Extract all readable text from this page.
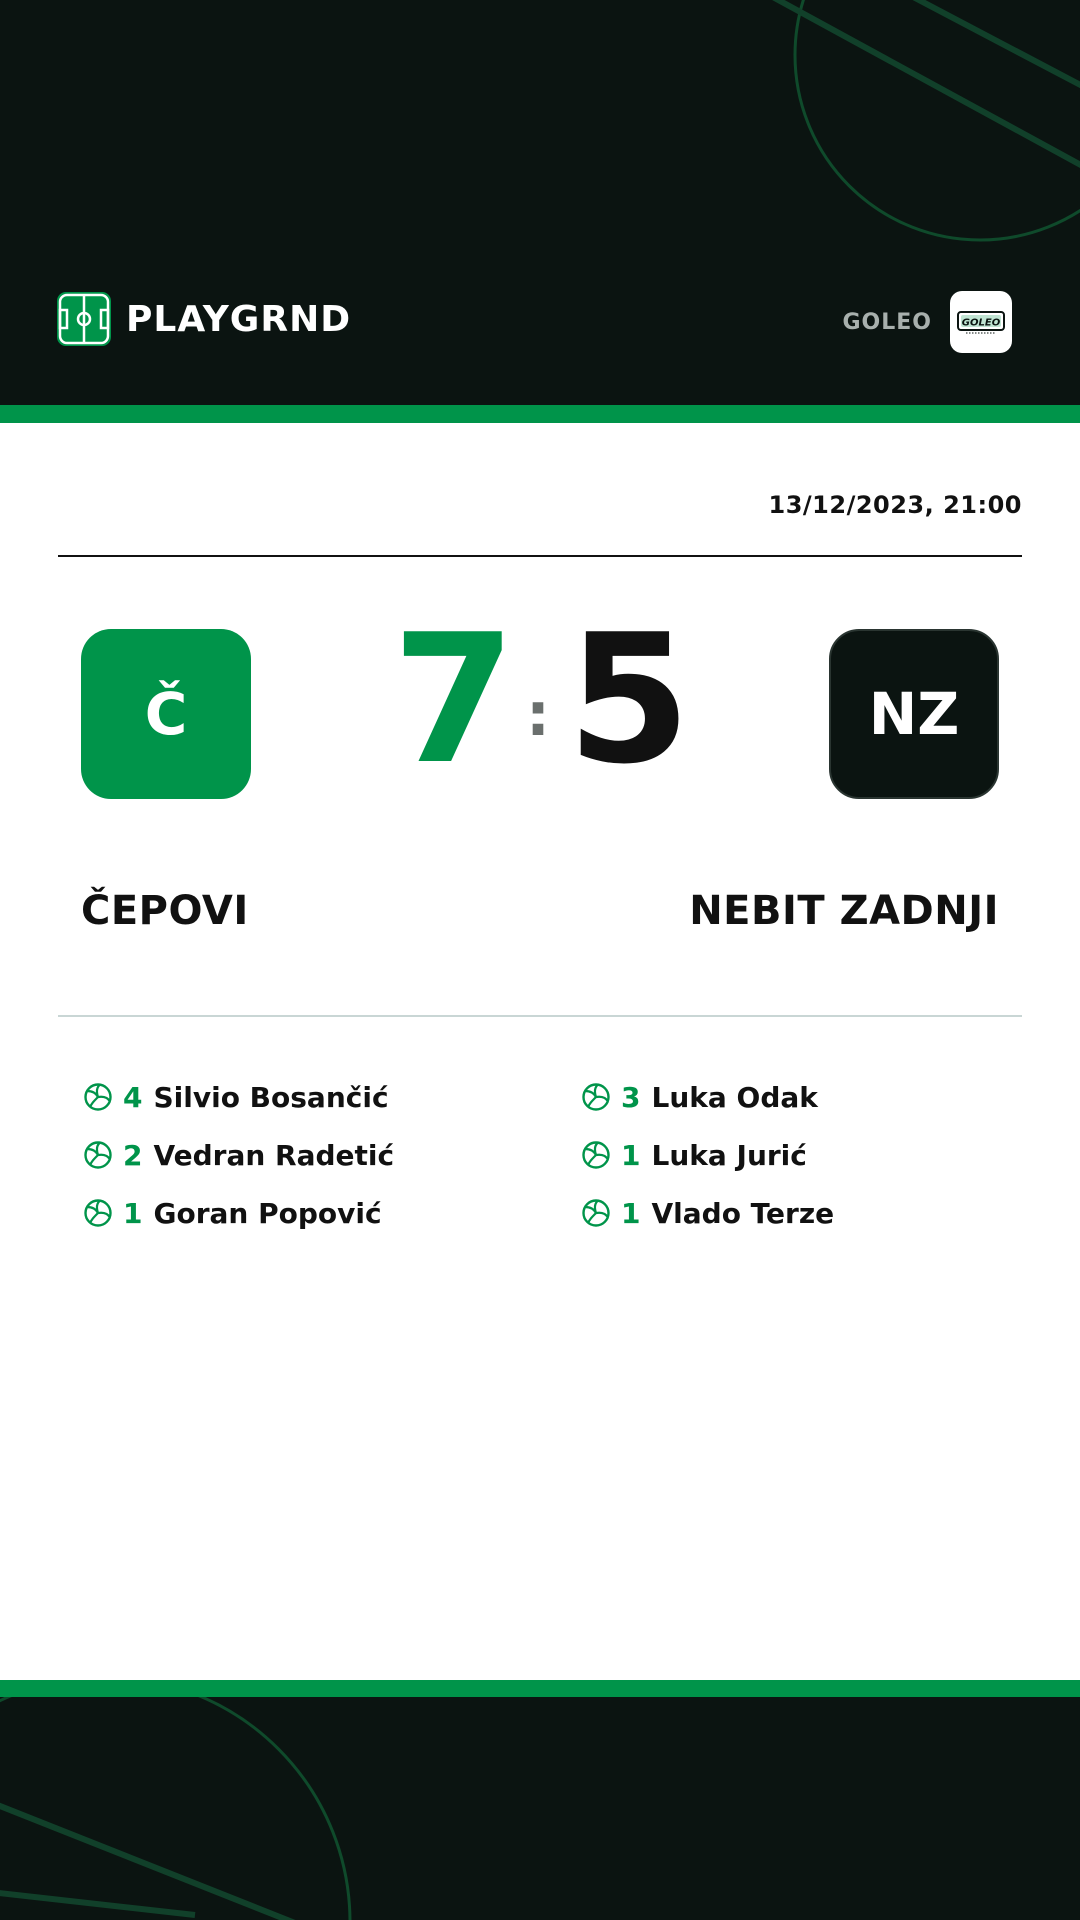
PLAYGRND	GOLEO	GOLEO
13/12/2023, 21:00
Č	7 : 5	NZ
ČEPOVI	NEBIT ZADNJI
4 Silvio Bosančić
2 Vedran Radetić
1 Goran Popović
3 Luka Odak
1 Luka Jurić
1 Vlado Terze
